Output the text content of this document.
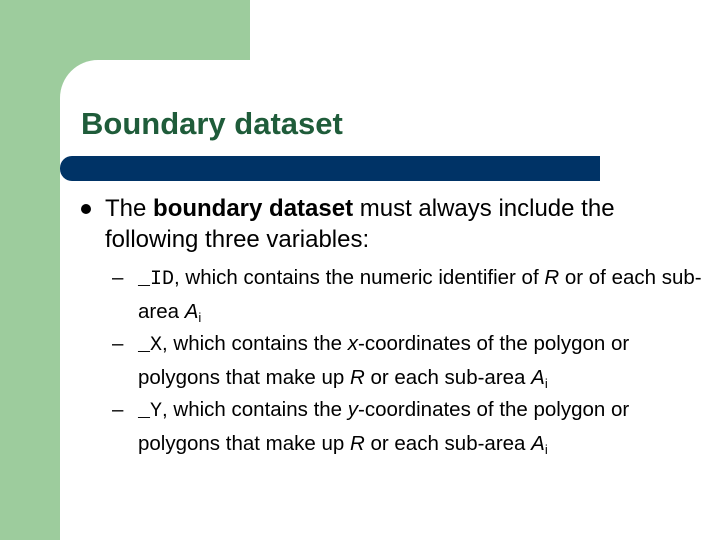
Boundary dataset

The boundary dataset must always include the following three variables:

– _ID, which contains the numeric identifier of R or of each sub-area $A_i$
– _X, which contains the x-coordinates of the polygon or polygons that make up R or each sub-area $A_i$
– _Y, which contains the y-coordinates of the polygon or polygons that make up R or each sub-area $A_i$
